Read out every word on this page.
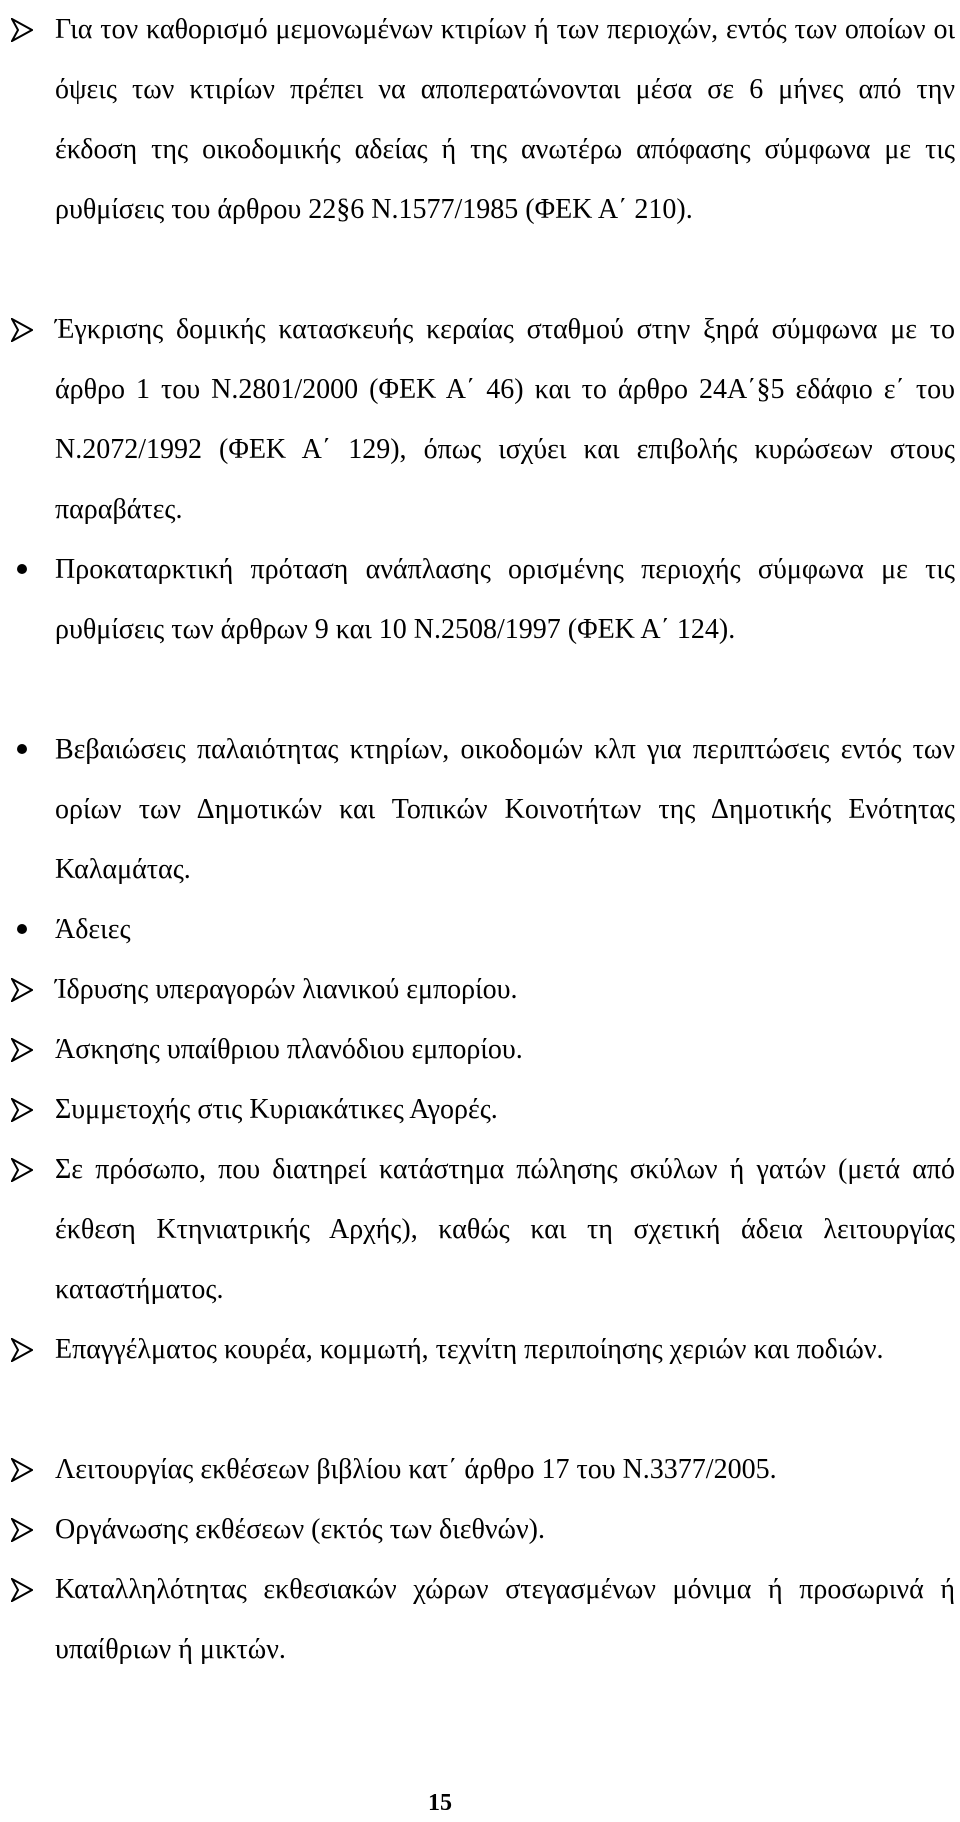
Για τον καθορισμό μεμονωμένων κτιρίων ή των περιοχών, εντός των οποίων οι όψεις των κτιρίων πρέπει να αποπερατώνονται μέσα σε 6 μήνες από την έκδοση της οικοδομικής αδείας ή της ανωτέρω απόφασης σύμφωνα με τις ρυθμίσεις του άρθρου 22§6 Ν.1577/1985 (ΦΕΚ Α΄ 210).
Έγκρισης δομικής κατασκευής κεραίας σταθμού στην ξηρά σύμφωνα με το άρθρο 1 του Ν.2801/2000 (ΦΕΚ Α΄ 46) και το άρθρο 24Α΄§5 εδάφιο ε΄ του Ν.2072/1992 (ΦΕΚ Α΄ 129), όπως ισχύει και επιβολής κυρώσεων στους παραβάτες.
Προκαταρκτική πρόταση ανάπλασης ορισμένης περιοχής σύμφωνα με τις ρυθμίσεις των άρθρων 9 και 10 Ν.2508/1997 (ΦΕΚ Α΄ 124).
Βεβαιώσεις παλαιότητας κτηρίων, οικοδομών κλπ για περιπτώσεις εντός των ορίων των Δημοτικών και Τοπικών Κοινοτήτων της Δημοτικής Ενότητας Καλαμάτας.
Άδειες
Ίδρυσης υπεραγορών λιανικού εμπορίου.
Άσκησης υπαίθριου πλανόδιου εμπορίου.
Συμμετοχής στις Κυριακάτικες Αγορές.
Σε πρόσωπο, που διατηρεί κατάστημα πώλησης σκύλων ή γατών (μετά από έκθεση Κτηνιατρικής Αρχής), καθώς και τη σχετική άδεια λειτουργίας καταστήματος.
Επαγγέλματος κουρέα, κομμωτή, τεχνίτη περιποίησης χεριών και ποδιών.
Λειτουργίας εκθέσεων βιβλίου κατ΄ άρθρο 17 του Ν.3377/2005.
Οργάνωσης εκθέσεων (εκτός των διεθνών).
Καταλληλότητας εκθεσιακών χώρων στεγασμένων μόνιμα ή προσωρινά ή υπαίθριων ή μικτών.
15
